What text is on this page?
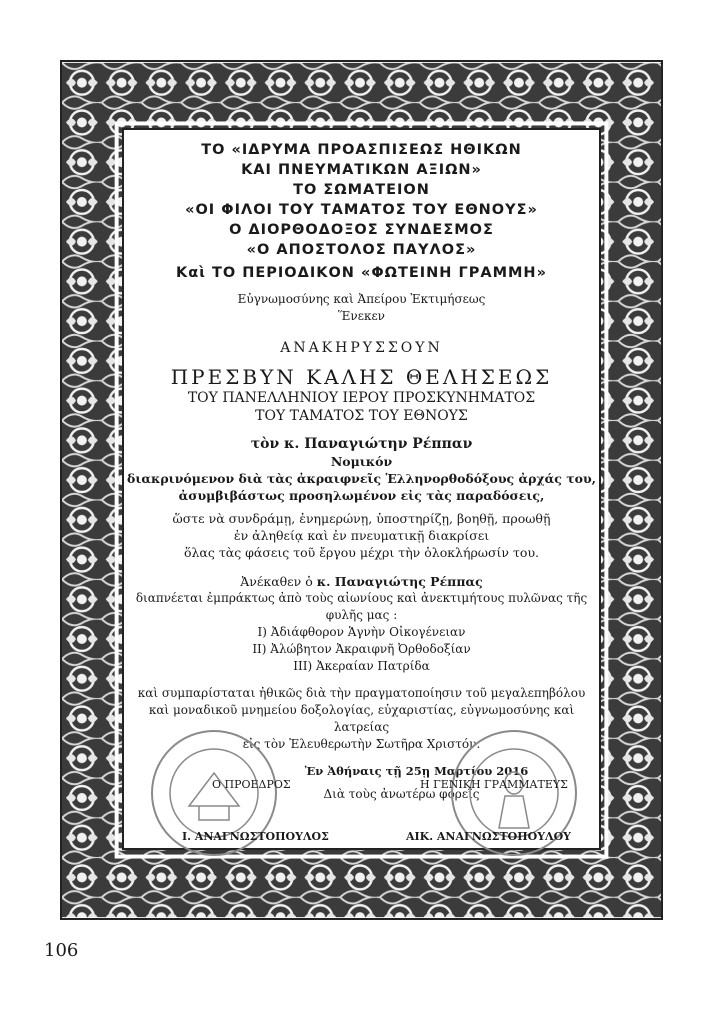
ΤΟ «ΙΔΡΥΜΑ ΠΡΟΑΣΠΙΣΕΩΣ ΗΘΙΚΩΝ

ΚΑΙ ΠΝΕΥΜΑΤΙΚΩΝ ΑΞΙΩΝ»

ΤΟ ΣΩΜΑΤΕΙΟΝ

«ΟΙ ΦΙΛΟΙ ΤΟΥ ΤΑΜΑΤΟΣ ΤΟΥ ΕΘΝΟΥΣ»

Ο ΔΙΟΡΘΟΔΟΞΟΣ ΣΥΝΔΕΣΜΟΣ

«Ο ΑΠΟΣΤΟΛΟΣ ΠΑΥΛΟΣ»

Καὶ ΤΟ ΠΕΡΙΟΔΙΚΟΝ «ΦΩΤΕΙΝΗ ΓΡΑΜΜΗ»

Εὐγνωμοσύνης καὶ Ἀπείρου Ἐκτιμήσεως

Ἕνεκεν

ΑΝΑΚΗΡΥΣΣΟΥΝ

ΠΡΕΣΒΥΝ ΚΑΛΗΣ ΘΕΛΗΣΕΩΣ

ΤΟΥ ΠΑΝΕΛΛΗΝΙΟΥ ΙΕΡΟΥ ΠΡΟΣΚΥΝΗΜΑΤΟΣ

ΤΟΥ ΤΑΜΑΤΟΣ ΤΟΥ ΕΘΝΟΥΣ

τὸν κ. Παναγιώτην Ρέππαν

Νομικόν

διακρινόμενον διὰ τὰς ἀκραιφνεῖς Ἑλληνορθοδόξους ἀρχάς του,

ἀσυμβιβάστως προσηλωμένον εἰς τὰς παραδόσεις,

ὥστε νὰ συνδράμῃ, ἐνημερώνῃ, ὑποστηρίζῃ, βοηθῇ, προωθῇ

ἐν ἀληθείᾳ καὶ ἐν πνευματικῇ διακρίσει

ὅλας τὰς φάσεις τοῦ ἔργου μέχρι τὴν ὁλοκλήρωσίν του.

Ἀνέκαθεν ὁ κ. Παναγιώτης Ρέππας

διαπνέεται ἐμπράκτως ἀπὸ τοὺς αἰωνίους καὶ ἀνεκτιμήτους πυλῶνας τῆς φυλῆς μας :

Ι) Ἀδιάφθορον Ἁγνὴν Οἰκογένειαν

ΙΙ) Ἀλώβητον Ἀκραιφνῆ Ὀρθοδοξίαν

ΙΙΙ) Ἀκεραίαν Πατρίδα

καὶ συμπαρίσταται ἠθικῶς διὰ τὴν πραγματοποίησιν τοῦ μεγαλεπηβόλου

καὶ μοναδικοῦ μνημείου δοξολογίας, εὐχαριστίας, εὐγνωμοσύνης καὶ λατρείας

εἰς τὸν Ἐλευθερωτὴν Σωτῆρα Χριστόν.

Ἐν Ἀθήναις τῇ 25ῃ Μαρτίου 2016

Διὰ τοὺς ἀνωτέρω φορεῖς

Ο ΠΡΟΕΔΡΟΣ	Η ΓΕΝΙΚΗ ΓΡΑΜΜΑΤΕΥΣ
Ι. ΑΝΑΓΝΩΣΤΟΠΟΥΛΟΣ	ΑΙΚ. ΑΝΑΓΝΩΣΤΟΠΟΥΛΟΥ
106
